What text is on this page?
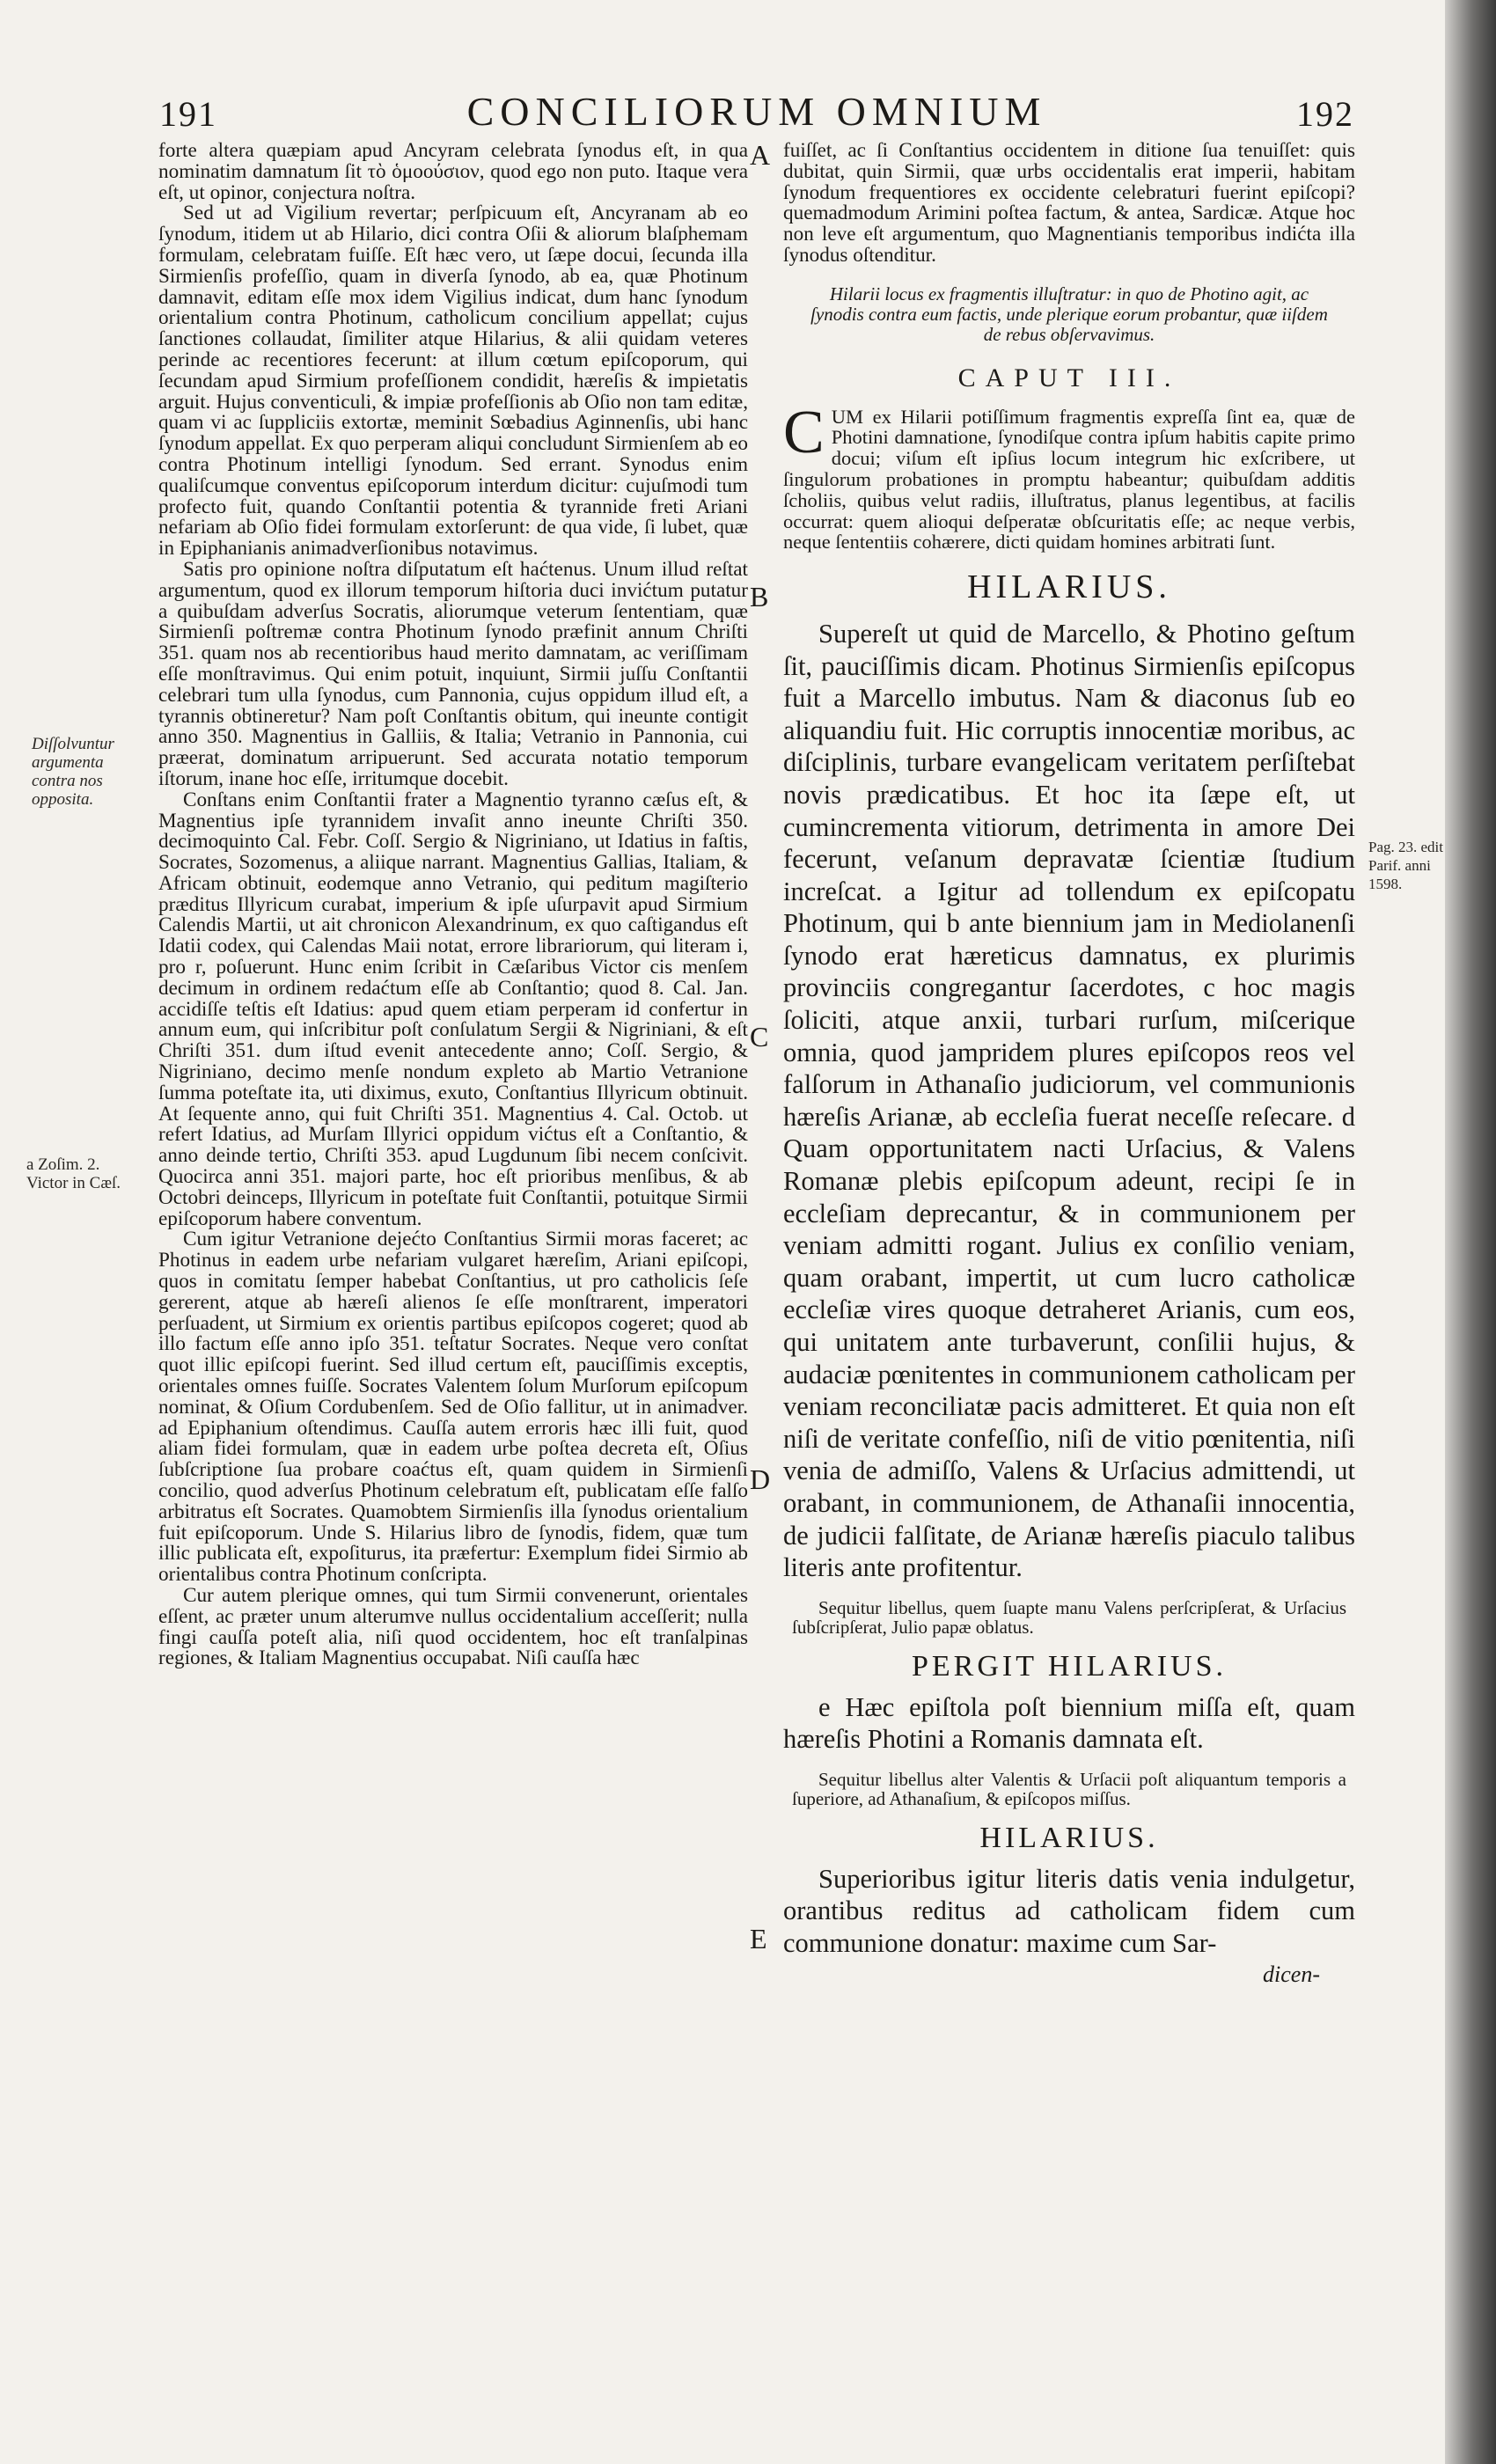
191	CONCILIORUM OMNIUM	192
Diſſolvuntur argumenta contra nos opposita.
a Zoſim. 2. Victor in Cæſ.
Pag. 23. edit Parif. anni 1598.
A
B
C
D
E

forte altera quæpiam apud Ancyram celebrata ſynodus eſt, in qua nominatim damnatum ſit τὸ ὁμοούσιον, quod ego non puto. Itaque vera eſt, ut opinor, conjectura noſtra.

Sed ut ad Vigilium revertar; perſpicuum eſt, Ancyranam ab eo ſynodum, itidem ut ab Hilario, dici contra Oſii & aliorum blaſphemam formulam, celebratam fuiſſe. Eſt hæc vero, ut ſæpe docui, ſecunda illa Sirmienſis profeſſio, quam in diverſa ſynodo, ab ea, quæ Photinum damnavit, editam eſſe mox idem Vigilius indicat, dum hanc ſynodum orientalium contra Photinum, catholicum concilium appellat; cujus ſanctiones collaudat, ſimiliter atque Hilarius, & alii quidam veteres perinde ac recentiores fecerunt: at illum cœtum epiſcoporum, qui ſecundam apud Sirmium profeſſionem condidit, hæreſis & impietatis arguit. Hujus conventiculi, & impiæ profeſſionis ab Oſio non tam editæ, quam vi ac ſuppliciis extortæ, meminit Sœbadius Aginnenſis, ubi hanc ſynodum appellat. Ex quo perperam aliqui concludunt Sirmienſem ab eo contra Photinum intelligi ſynodum. Sed errant. Synodus enim qualiſcumque conventus epiſcoporum interdum dicitur: cujuſmodi tum profecto fuit, quando Conſtantii potentia & tyrannide freti Ariani nefariam ab Oſio fidei formulam extorſerunt: de qua vide, ſi lubet, quæ in Epiphanianis animadverſionibus notavimus.

Satis pro opinione noſtra diſputatum eſt haćtenus. Unum illud reſtat argumentum, quod ex illorum temporum hiſtoria duci invićtum putatur a quibuſdam adverſus Socratis, aliorumque veterum ſententiam, quæ Sirmienſi poſtremæ contra Photinum ſynodo præfinit annum Chriſti 351. quam nos ab recentioribus haud merito damnatam, ac veriſſimam eſſe monſtravimus. Qui enim potuit, inquiunt, Sirmii juſſu Conſtantii celebrari tum ulla ſynodus, cum Pannonia, cujus oppidum illud eſt, a tyrannis obtineretur? Nam poſt Conſtantis obitum, qui ineunte contigit anno 350. Magnentius in Galliis, & Italia; Vetranio in Pannonia, cui præerat, dominatum arripuerunt. Sed accurata notatio temporum iſtorum, inane hoc eſſe, irritumque docebit.

Conſtans enim Conſtantii frater a Magnentio tyranno cæſus eſt, & Magnentius ipſe tyrannidem invaſit anno ineunte Chriſti 350. decimoquinto Cal. Febr. Coſſ. Sergio & Nigriniano, ut Idatius in faſtis, Socrates, Sozomenus, a aliique narrant. Magnentius Gallias, Italiam, & Africam obtinuit, eodemque anno Vetranio, qui peditum magiſterio præditus Illyricum curabat, imperium & ipſe uſurpavit apud Sirmium Calendis Martii, ut ait chronicon Alexandrinum, ex quo caſtigandus eſt Idatii codex, qui Calendas Maii notat, errore librariorum, qui literam i, pro r, poſuerunt. Hunc enim ſcribit in Cæſaribus Victor cis menſem decimum in ordinem redaćtum eſſe ab Conſtantio; quod 8. Cal. Jan. accidiſſe teſtis eſt Idatius: apud quem etiam perperam id confertur in annum eum, qui inſcribitur poſt conſulatum Sergii & Nigriniani, & eſt Chriſti 351. dum iſtud evenit antecedente anno; Coſſ. Sergio, & Nigriniano, decimo menſe nondum expleto ab Martio Vetranione ſumma poteſtate ita, uti diximus, exuto, Conſtantius Illyricum obtinuit. At ſequente anno, qui fuit Chriſti 351. Magnentius 4. Cal. Octob. ut refert Idatius, ad Murſam Illyrici oppidum vićtus eſt a Conſtantio, & anno deinde tertio, Chriſti 353. apud Lugdunum ſibi necem conſcivit. Quocirca anni 351. majori parte, hoc eſt prioribus menſibus, & ab Octobri deinceps, Illyricum in poteſtate fuit Conſtantii, potuitque Sirmii epiſcoporum habere conventum.

Cum igitur Vetranione dejećto Conſtantius Sirmii moras faceret; ac Photinus in eadem urbe nefariam vulgaret hæreſim, Ariani epiſcopi, quos in comitatu ſemper habebat Conſtantius, ut pro catholicis ſeſe gererent, atque ab hæreſi alienos ſe eſſe monſtrarent, imperatori perſuadent, ut Sirmium ex orientis partibus epiſcopos cogeret; quod ab illo factum eſſe anno ipſo 351. teſtatur Socrates. Neque vero conſtat quot illic epiſcopi fuerint. Sed illud certum eſt, pauciſſimis exceptis, orientales omnes fuiſſe. Socrates Valentem ſolum Murſorum epiſcopum nominat, & Oſium Cordubenſem. Sed de Oſio fallitur, ut in animadver. ad Epiphanium oſtendimus. Cauſſa autem erroris hæc illi fuit, quod aliam fidei formulam, quæ in eadem urbe poſtea decreta eſt, Oſius ſubſcriptione ſua probare coaćtus eſt, quam quidem in Sirmienſi concilio, quod adverſus Photinum celebratum eſt, publicatam eſſe falſo arbitratus eſt Socrates. Quamobtem Sirmienſis illa ſynodus orientalium fuit epiſcoporum. Unde S. Hilarius libro de ſynodis, fidem, quæ tum illic publicata eſt, expoſiturus, ita præfertur: Exemplum fidei Sirmio ab orientalibus contra Photinum conſcripta.

Cur autem plerique omnes, qui tum Sirmii convenerunt, orientales eſſent, ac præter unum alterumve nullus occidentalium acceſſerit; nulla fingi cauſſa poteſt alia, niſi quod occidentem, hoc eſt tranſalpinas regiones, & Italiam Magnentius occupabat. Niſi cauſſa hæc

fuiſſet, ac ſi Conſtantius occidentem in ditione ſua tenuiſſet: quis dubitat, quin Sirmii, quæ urbs occidentalis erat imperii, habitam ſynodum frequentiores ex occidente celebraturi fuerint epiſcopi? quemadmodum Arimini poſtea factum, & antea, Sardicæ. Atque hoc non leve eſt argumentum, quo Magnentianis temporibus indićta illa ſynodus oſtenditur.

Hilarii locus ex fragmentis illuſtratur: in quo de Photino agit, ac ſynodis contra eum factis, unde plerique eorum probantur, quæ iiſdem de rebus obſervavimus.
CAPUT III.

CUM ex Hilarii potiſſimum fragmentis expreſſa ſint ea, quæ de Photini damnatione, ſynodiſque contra ipſum habitis capite primo docui; viſum eſt ipſius locum integrum hic exſcribere, ut ſingulorum probationes in promptu habeantur; quibuſdam additis ſcholiis, quibus velut radiis, illuſtratus, planus legentibus, at facilis occurrat: quem alioqui deſperatæ obſcuritatis eſſe; ac neque verbis, neque ſententiis cohærere, dicti quidam homines arbitrati ſunt.

HILARIUS.

Supereſt ut quid de Marcello, & Photino geſtum ſit, pauciſſimis dicam. Photinus Sirmienſis epiſcopus fuit a Marcello imbutus. Nam & diaconus ſub eo aliquandiu fuit. Hic corruptis innocentiæ moribus, ac diſciplinis, turbare evangelicam veritatem perſiſtebat novis prædicatibus. Et hoc ita ſæpe eſt, ut cumincrementa vitiorum, detrimenta in amore Dei fecerunt, veſanum depravatæ ſcientiæ ſtudium increſcat. a Igitur ad tollendum ex epiſcopatu Photinum, qui b ante biennium jam in Mediolanenſi ſynodo erat hæreticus damnatus, ex plurimis provinciis congregantur ſacerdotes, c hoc magis ſoliciti, atque anxii, turbari rurſum, miſcerique omnia, quod jampridem plures epiſcopos reos vel falſorum in Athanaſio judiciorum, vel communionis hæreſis Arianæ, ab eccleſia fuerat neceſſe reſecare. d Quam opportunitatem nacti Urſacius, & Valens Romanæ plebis epiſcopum adeunt, recipi ſe in eccleſiam deprecantur, & in communionem per veniam admitti rogant. Julius ex conſilio veniam, quam orabant, impertit, ut cum lucro catholicæ eccleſiæ vires quoque detraheret Arianis, cum eos, qui unitatem ante turbaverunt, conſilii hujus, & audaciæ pœnitentes in communionem catholicam per veniam reconciliatæ pacis admitteret. Et quia non eſt niſi de veritate confeſſio, niſi de vitio pœnitentia, niſi venia de admiſſo, Valens & Urſacius admittendi, ut orabant, in communionem, de Athanaſii innocentia, de judicii falſitate, de Arianæ hæreſis piaculo talibus literis ante profitentur.

Sequitur libellus, quem ſuapte manu Valens perſcripſerat, & Urſacius ſubſcripſerat, Julio papæ oblatus.
PERGIT HILARIUS.

e Hæc epiſtola poſt biennium miſſa eſt, quam hæreſis Photini a Romanis damnata eſt.

Sequitur libellus alter Valentis & Urſacii poſt aliquantum temporis a ſuperiore, ad Athanaſium, & epiſcopos miſſus.
HILARIUS.

Superioribus igitur literis datis venia indulgetur, orantibus reditus ad catholicam fidem cum communione donatur: maxime cum Sar-

dicen-
